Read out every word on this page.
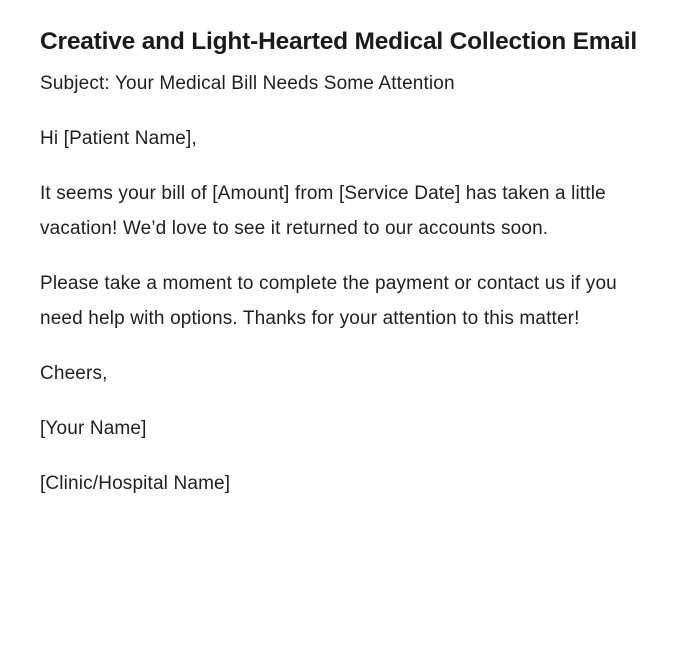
Creative and Light-Hearted Medical Collection Email

Subject: Your Medical Bill Needs Some Attention

Hi [Patient Name],

It seems your bill of [Amount] from [Service Date] has taken a little vacation! We’d love to see it returned to our accounts soon.

Please take a moment to complete the payment or contact us if you need help with options. Thanks for your attention to this matter!

Cheers,

[Your Name]

[Clinic/Hospital Name]
